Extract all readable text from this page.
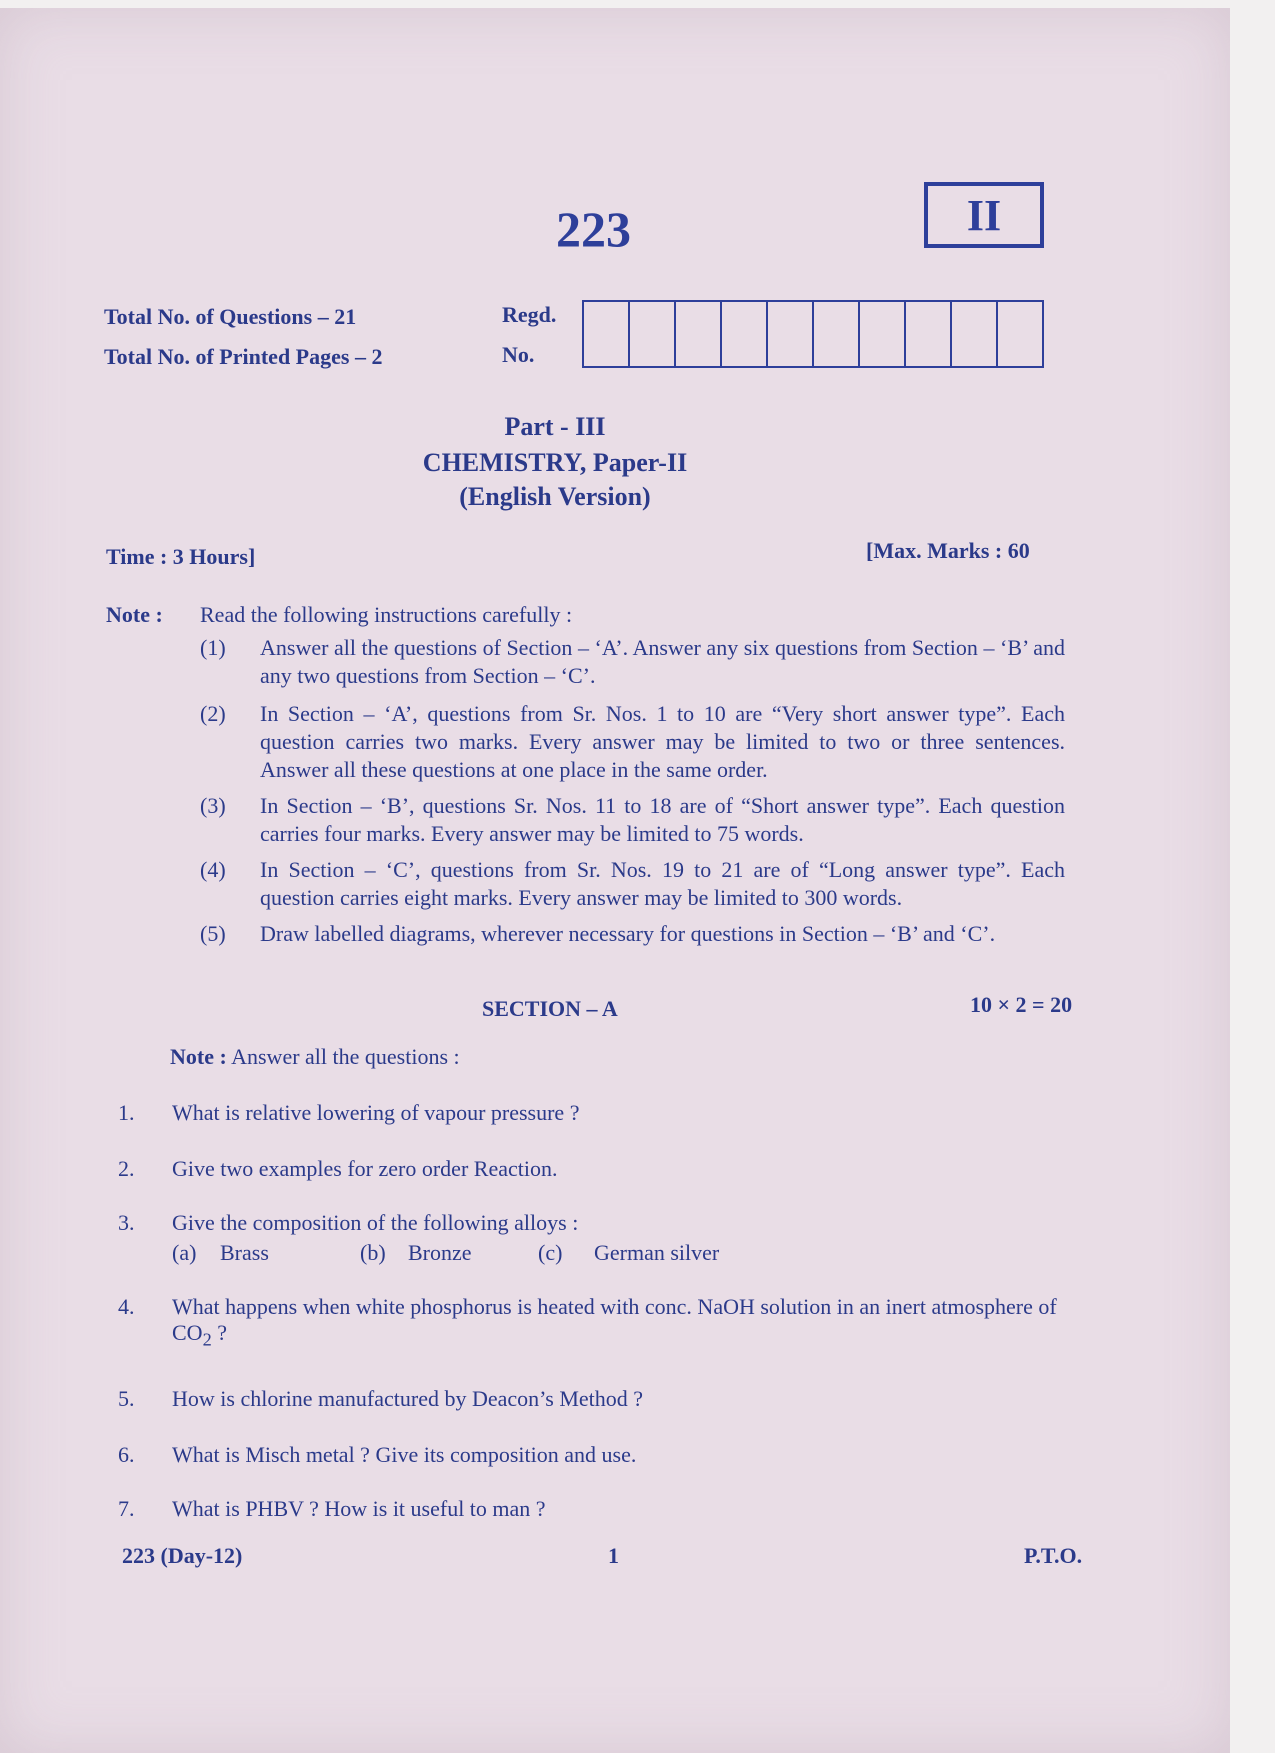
223	II
Total No. of Questions – 21
Total No. of Printed Pages – 2
Regd.
No.
Part - III
CHEMISTRY, Paper-II
(English Version)
Time : 3 Hours]	[Max. Marks : 60
Note : Read the following instructions carefully :
(1) Answer all the questions of Section – ‘A’. Answer any six questions from Section – ‘B’ and any two questions from Section – ‘C’.
(2) In Section – ‘A’, questions from Sr. Nos. 1 to 10 are “Very short answer type”. Each question carries two marks. Every answer may be limited to two or three sentences. Answer all these questions at one place in the same order.
(3) In Section – ‘B’, questions Sr. Nos. 11 to 18 are of “Short answer type”. Each question carries four marks. Every answer may be limited to 75 words.
(4) In Section – ‘C’, questions from Sr. Nos. 19 to 21 are of “Long answer type”. Each question carries eight marks. Every answer may be limited to 300 words.
(5) Draw labelled diagrams, wherever necessary for questions in Section – ‘B’ and ‘C’.
SECTION – A	10 × 2 = 20
Note : Answer all the questions :
1. What is relative lowering of vapour pressure ?
2. Give two examples for zero order Reaction.
3. Give the composition of the following alloys :
(a) Brass	(b) Bronze	(c) German silver
4. What happens when white phosphorus is heated with conc. NaOH solution in an inert atmosphere of $CO_2$ ?
5. How is chlorine manufactured by Deacon’s Method ?
6. What is Misch metal ? Give its composition and use.
7. What is PHBV ? How is it useful to man ?
223 (Day-12)	1	P.T.O.
